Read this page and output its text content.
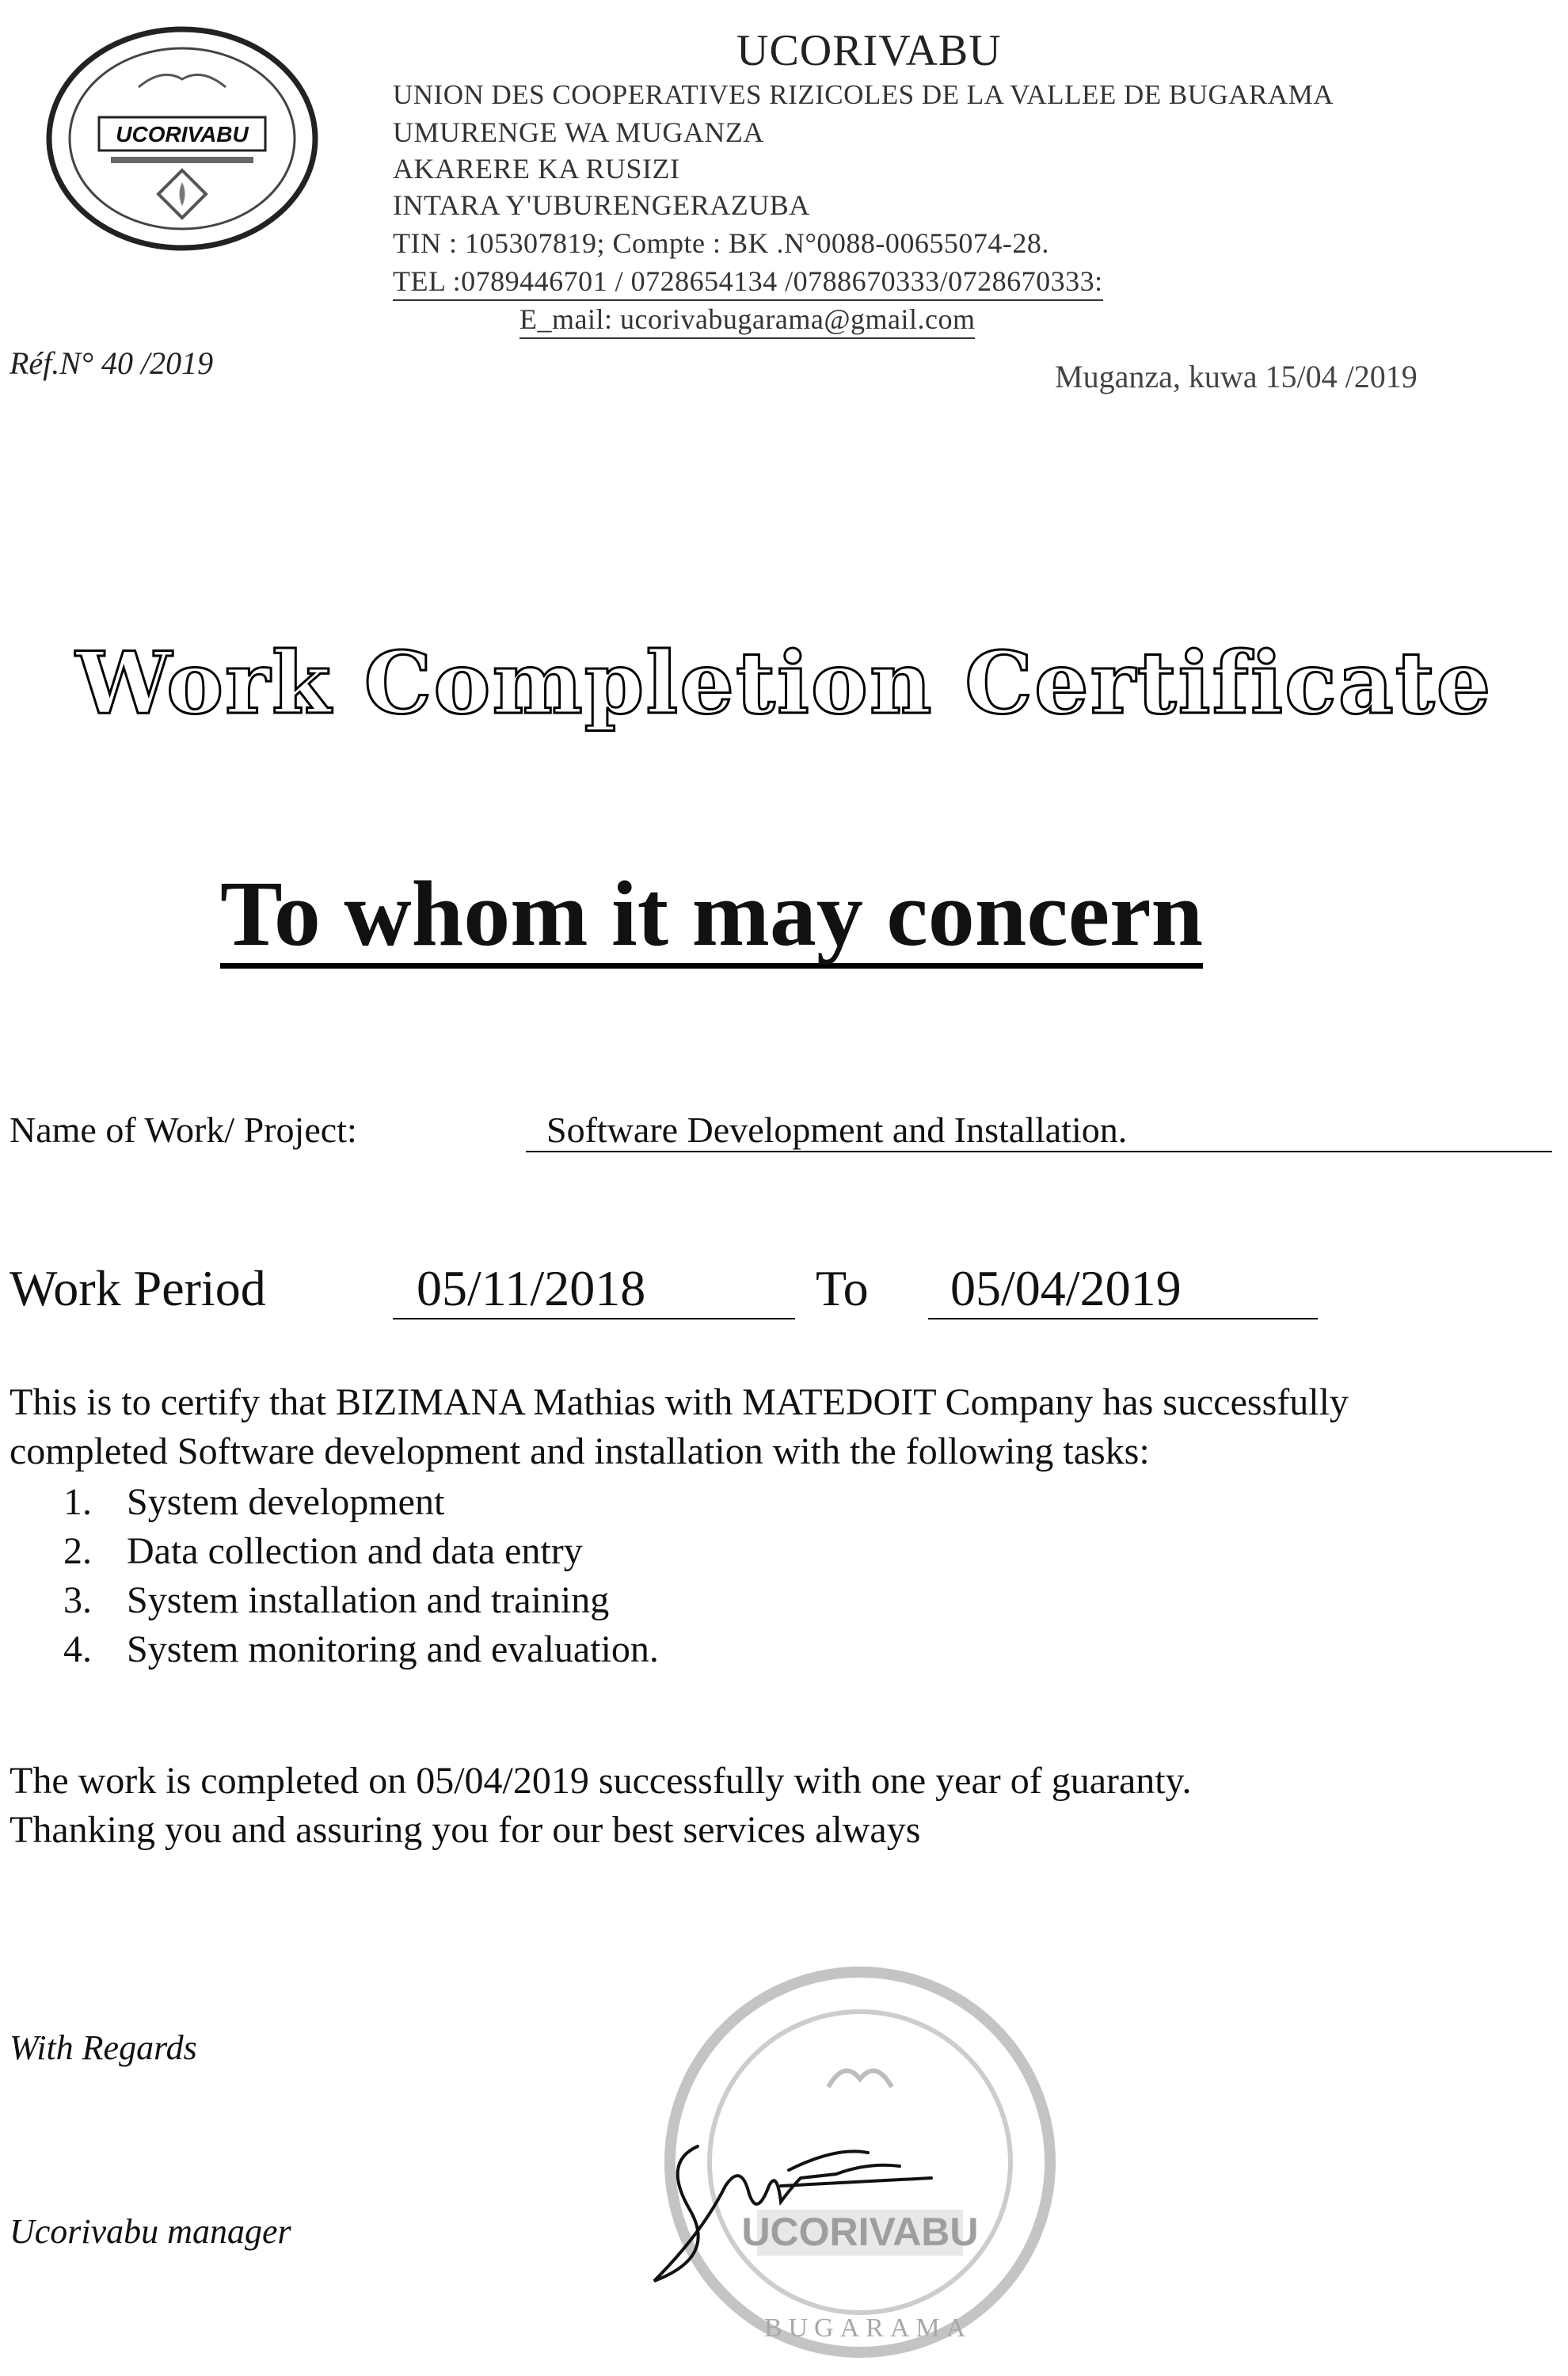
UCORIVABU
UCORIVABU
UNION DES COOPERATIVES RIZICOLES DE LA VALLEE DE BUGARAMA
UMURENGE WA MUGANZA
AKARERE KA RUSIZI
INTARA Y'UBURENGERAZUBA
TIN : 105307819; Compte : BK .N°0088-00655074-28.
TEL :0789446701 / 0728654134 /0788670333/0728670333:
E_mail: ucorivabugarama@gmail.com
Réf.N° 40 /2019	Muganza, kuwa 15/04 /2019
Work Completion Certificate
To whom it may concern
Name of Work/ Project:	Software Development and Installation.
Work Period	05/11/2018	To	05/04/2019
This is to certify that BIZIMANA Mathias with MATEDOIT Company has successfully
completed Software development and installation with the following tasks:
1. System development
2. Data collection and data entry
3. System installation and training
4. System monitoring and evaluation.
The work is completed on 05/04/2019 successfully with one year of guaranty.
Thanking you and assuring you for our best services always
With Regards
Ucorivabu manager	UCORIVABU
BUGARAMA
